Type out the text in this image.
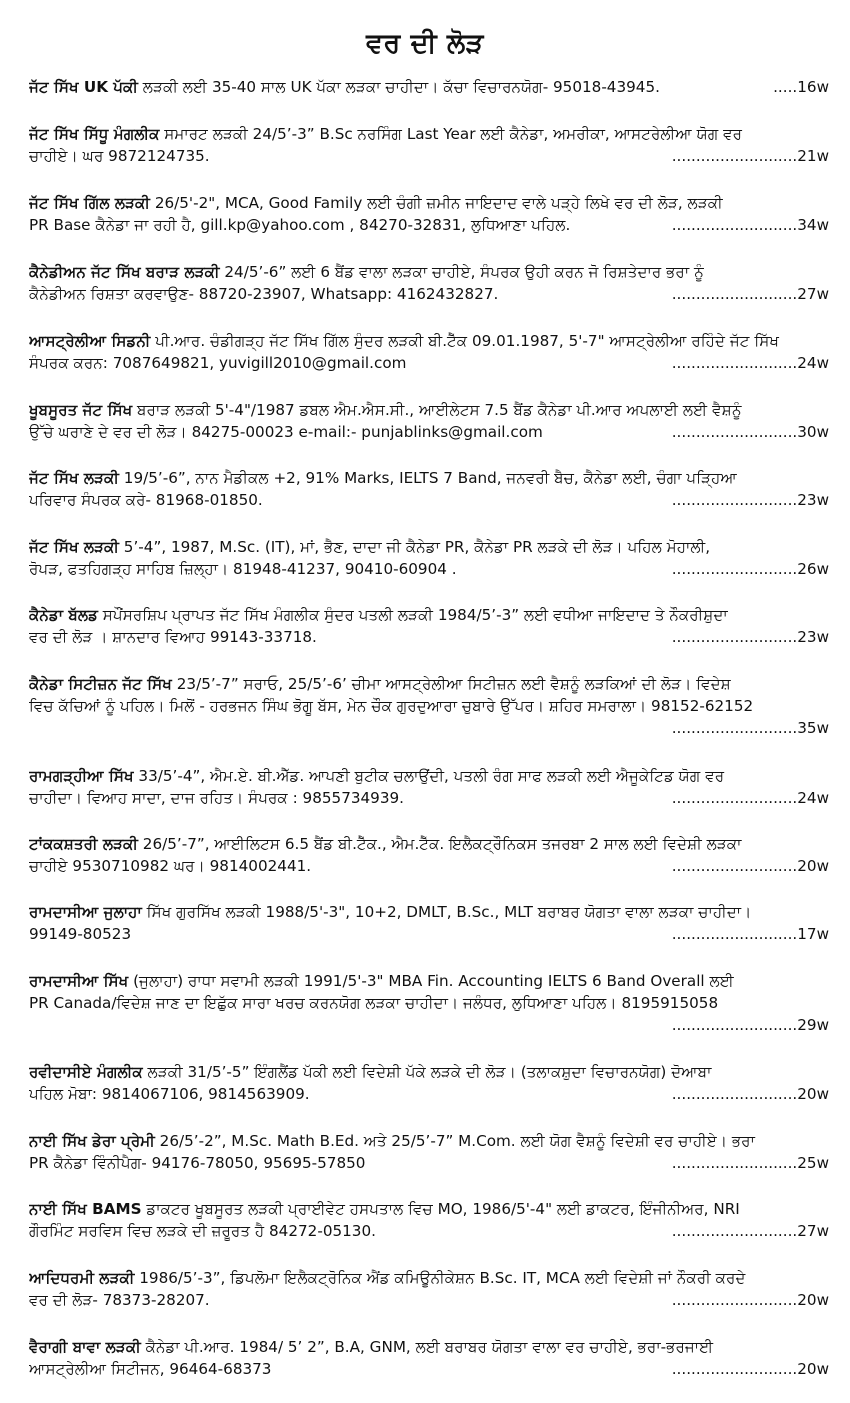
ਵਰ ਦੀ ਲੋੜ
ਜੱਟ ਸਿੱਖ UK ਪੱਕੀ ਲੜਕੀ ਲਈ 35-40 ਸਾਲ UK ਪੱਕਾ ਲੜਕਾ ਚਾਹੀਦਾ। ਕੱਚਾ ਵਿਚਾਰਨਯੋਗ- 95018-43945.	.....16w
ਜੱਟ ਸਿੱਖ ਸਿੱਧੂ ਮੰਗਲੀਕ ਸਮਾਰਟ ਲੜਕੀ 24/5’-3” B.Sc ਨਰਸਿੰਗ Last Year ਲਈ ਕੈਨੇਡਾ, ਅਮਰੀਕਾ, ਆਸਟਰੇਲੀਆ ਯੋਗ ਵਰ
ਚਾਹੀਏ। ਘਰ 9872124735.	..........................21w
ਜੱਟ ਸਿੱਖ ਗਿੱਲ ਲੜਕੀ 26/5'-2", MCA, Good Family ਲਈ ਚੰਗੀ ਜ਼ਮੀਨ ਜਾਇਦਾਦ ਵਾਲੇ ਪੜ੍ਹੇ ਲਿਖੇ ਵਰ ਦੀ ਲੋੜ, ਲੜਕੀ
PR Base ਕੈਨੇਡਾ ਜਾ ਰਹੀ ਹੈ, gill.kp@yahoo.com , 84270-32831, ਲੁਧਿਆਣਾ ਪਹਿਲ.	..........................34w
ਕੈਨੇਡੀਅਨ ਜੱਟ ਸਿੱਖ ਬਰਾੜ ਲੜਕੀ 24/5’-6” ਲਈ 6 ਬੈਂਡ ਵਾਲਾ ਲੜਕਾ ਚਾਹੀਏ, ਸੰਪਰਕ ਉਹੀ ਕਰਨ ਜੋ ਰਿਸ਼ਤੇਦਾਰ ਭਰਾ ਨੂੰ
ਕੈਨੇਡੀਅਨ ਰਿਸ਼ਤਾ ਕਰਵਾਉਣ- 88720-23907, Whatsapp: 4162432827.	..........................27w
ਆਸਟ੍ਰੇਲੀਆ ਸਿਡਨੀ ਪੀ.ਆਰ. ਚੰਡੀਗੜ੍ਹ ਜੱਟ ਸਿੱਖ ਗਿੱਲ ਸੁੰਦਰ ਲੜਕੀ ਬੀ.ਟੈੱਕ 09.01.1987, 5'-7" ਆਸਟ੍ਰੇਲੀਆ ਰਹਿੰਦੇ ਜੱਟ ਸਿੱਖ
ਸੰਪਰਕ ਕਰਨ: 7087649821, yuvigill2010@gmail.com	..........................24w
ਖੂਬਸੂਰਤ ਜੱਟ ਸਿੱਖ ਬਰਾੜ ਲੜਕੀ 5'-4"/1987 ਡਬਲ ਐਮ.ਐਸ.ਸੀ., ਆਈਲੇਟਸ 7.5 ਬੈਂਡ ਕੈਨੇਡਾ ਪੀ.ਆਰ ਅਪਲਾਈ ਲਈ ਵੈਸ਼ਨੂੰ
ਉੱਚੇ ਘਰਾਣੇ ਦੇ ਵਰ ਦੀ ਲੋੜ। 84275-00023 e-mail:- punjablinks@gmail.com	..........................30w
ਜੱਟ ਸਿੱਖ ਲੜਕੀ 19/5’-6”, ਨਾਨ ਮੈਡੀਕਲ +2, 91% Marks, IELTS 7 Band, ਜਨਵਰੀ ਬੈਚ, ਕੈਨੇਡਾ ਲਈ, ਚੰਗਾ ਪੜ੍ਹਿਆ
ਪਰਿਵਾਰ ਸੰਪਰਕ ਕਰੇ- 81968-01850.	..........................23w
ਜੱਟ ਸਿੱਖ ਲੜਕੀ 5’-4”, 1987, M.Sc. (IT), ਮਾਂ, ਭੈਣ, ਦਾਦਾ ਜੀ ਕੈਨੇਡਾ PR, ਕੈਨੇਡਾ PR ਲੜਕੇ ਦੀ ਲੋੜ। ਪਹਿਲ ਮੋਹਾਲੀ,
ਰੋਪੜ, ਫਤਹਿਗੜ੍ਹ ਸਾਹਿਬ ਜ਼ਿਲ੍ਹਾ। 81948-41237, 90410-60904 .	..........................26w
ਕੈਨੇਡਾ ਬੱਲਡ ਸਪੌਂਸਰਸ਼ਿਪ ਪ੍ਰਾਪਤ ਜੱਟ ਸਿੱਖ ਮੰਗਲੀਕ ਸੁੰਦਰ ਪਤਲੀ ਲੜਕੀ 1984/5’-3” ਲਈ ਵਧੀਆ ਜਾਇਦਾਦ ਤੇ ਨੌਕਰੀਸ਼ੁਦਾ
ਵਰ ਦੀ ਲੋੜ । ਸ਼ਾਨਦਾਰ ਵਿਆਹ 99143-33718.	..........................23w
ਕੈਨੇਡਾ ਸਿਟੀਜ਼ਨ ਜੱਟ ਸਿੱਖ 23/5’-7” ਸਰਾਓ, 25/5’-6’ ਚੀਮਾ ਆਸਟ੍ਰੇਲੀਆ ਸਿਟੀਜ਼ਨ ਲਈ ਵੈਸ਼ਨੂੰ ਲੜਕਿਆਂ ਦੀ ਲੋੜ। ਵਿਦੇਸ਼
ਵਿਚ ਕੱਚਿਆਂ ਨੂੰ ਪਹਿਲ। ਮਿਲੋਂ - ਹਰਭਜਨ ਸਿੰਘ ਭੋਗੂ ਬੱਸ, ਮੇਨ ਚੌਕ ਗੁਰਦੁਆਰਾ ਚੁਬਾਰੇ ਉੱਪਰ। ਸ਼ਹਿਰ ਸਮਰਾਲਾ। 98152-62152
..........................35w
ਰਾਮਗੜ੍ਹੀਆ ਸਿੱਖ 33/5’-4”, ਐਮ.ਏ. ਬੀ.ਐੱਡ. ਆਪਣੀ ਬੁਟੀਕ ਚਲਾਉਂਦੀ, ਪਤਲੀ ਰੰਗ ਸਾਫ ਲੜਕੀ ਲਈ ਐਜੂਕੇਟਿਡ ਯੋਗ ਵਰ
ਚਾਹੀਦਾ। ਵਿਆਹ ਸਾਦਾ, ਦਾਜ ਰਹਿਤ। ਸੰਪਰਕ : 9855734939.	..........................24w
ਟਾਂਕਕਸ਼ਤਰੀ ਲੜਕੀ 26/5’-7”, ਆਈਲਿਟਸ 6.5 ਬੈਂਡ ਬੀ.ਟੈੱਕ., ਐਮ.ਟੈੱਕ. ਇਲੈਕਟ੍ਰੌਨਿਕਸ ਤਜਰਬਾ 2 ਸਾਲ ਲਈ ਵਿਦੇਸ਼ੀ ਲੜਕਾ
ਚਾਹੀਏ 9530710982 ਘਰ। 9814002441.	..........................20w
ਰਾਮਦਾਸੀਆ ਜੁਲਾਹਾ ਸਿੱਖ ਗੁਰਸਿੱਖ ਲੜਕੀ 1988/5'-3", 10+2, DMLT, B.Sc., MLT ਬਰਾਬਰ ਯੋਗਤਾ ਵਾਲਾ ਲੜਕਾ ਚਾਹੀਦਾ।
99149-80523	..........................17w
ਰਾਮਦਾਸੀਆ ਸਿੱਖ (ਜੁਲਾਹਾ) ਰਾਧਾ ਸਵਾਮੀ ਲੜਕੀ 1991/5'-3" MBA Fin. Accounting IELTS 6 Band Overall ਲਈ
PR Canada/ਵਿਦੇਸ਼ ਜਾਣ ਦਾ ਇਛੁੱਕ ਸਾਰਾ ਖਰਚ ਕਰਨਯੋਗ ਲੜਕਾ ਚਾਹੀਦਾ। ਜਲੰਧਰ, ਲੁਧਿਆਣਾ ਪਹਿਲ। 8195915058
..........................29w
ਰਵੀਦਾਸੀਏ ਮੰਗਲੀਕ ਲੜਕੀ 31/5’-5” ਇੰਗਲੈਂਡ ਪੱਕੀ ਲਈ ਵਿਦੇਸ਼ੀ ਪੱਕੇ ਲੜਕੇ ਦੀ ਲੋੜ। (ਤਲਾਕਸ਼ੁਦਾ ਵਿਚਾਰਨਯੋਗ) ਦੋਆਬਾ
ਪਹਿਲ ਮੋਬਾ: 9814067106, 9814563909.	..........................20w
ਨਾਈ ਸਿੱਖ ਡੇਰਾ ਪ੍ਰੇਮੀ 26/5’-2”, M.Sc. Math B.Ed. ਅਤੇ 25/5’-7” M.Com. ਲਈ ਯੋਗ ਵੈਸ਼ਨੂੰ ਵਿਦੇਸ਼ੀ ਵਰ ਚਾਹੀਏ। ਭਰਾ
PR ਕੈਨੇਡਾ ਵਿੰਨੀਪੈਗ- 94176-78050, 95695-57850	..........................25w
ਨਾਈ ਸਿੱਖ BAMS ਡਾਕਟਰ ਖੂਬਸੂਰਤ ਲੜਕੀ ਪ੍ਰਾਈਵੇਟ ਹਸਪਤਾਲ ਵਿਚ MO, 1986/5'-4" ਲਈ ਡਾਕਟਰ, ਇੰਜੀਨੀਅਰ, NRI
ਗੌਰਮਿੰਟ ਸਰਵਿਸ ਵਿਚ ਲੜਕੇ ਦੀ ਜ਼ਰੂਰਤ ਹੈ 84272-05130.	..........................27w
ਆਦਿਧਰਮੀ ਲੜਕੀ 1986/5’-3”, ਡਿਪਲੋਮਾ ਇਲੈਕਟ੍ਰੋਨਿਕ ਐਂਡ ਕਮਿਊਨੀਕੇਸ਼ਨ B.Sc. IT, MCA ਲਈ ਵਿਦੇਸ਼ੀ ਜਾਂ ਨੌਕਰੀ ਕਰਦੇ
ਵਰ ਦੀ ਲੋੜ- 78373-28207.	..........................20w
ਵੈਰਾਗੀ ਬਾਵਾ ਲੜਕੀ ਕੈਨੇਡਾ ਪੀ.ਆਰ. 1984/ 5’ 2”, B.A, GNM, ਲਈ ਬਰਾਬਰ ਯੋਗਤਾ ਵਾਲਾ ਵਰ ਚਾਹੀਏ, ਭਰਾ-ਭਰਜਾਈ
ਆਸਟ੍ਰੇਲੀਆ ਸਿਟੀਜਨ, 96464-68373	..........................20w
